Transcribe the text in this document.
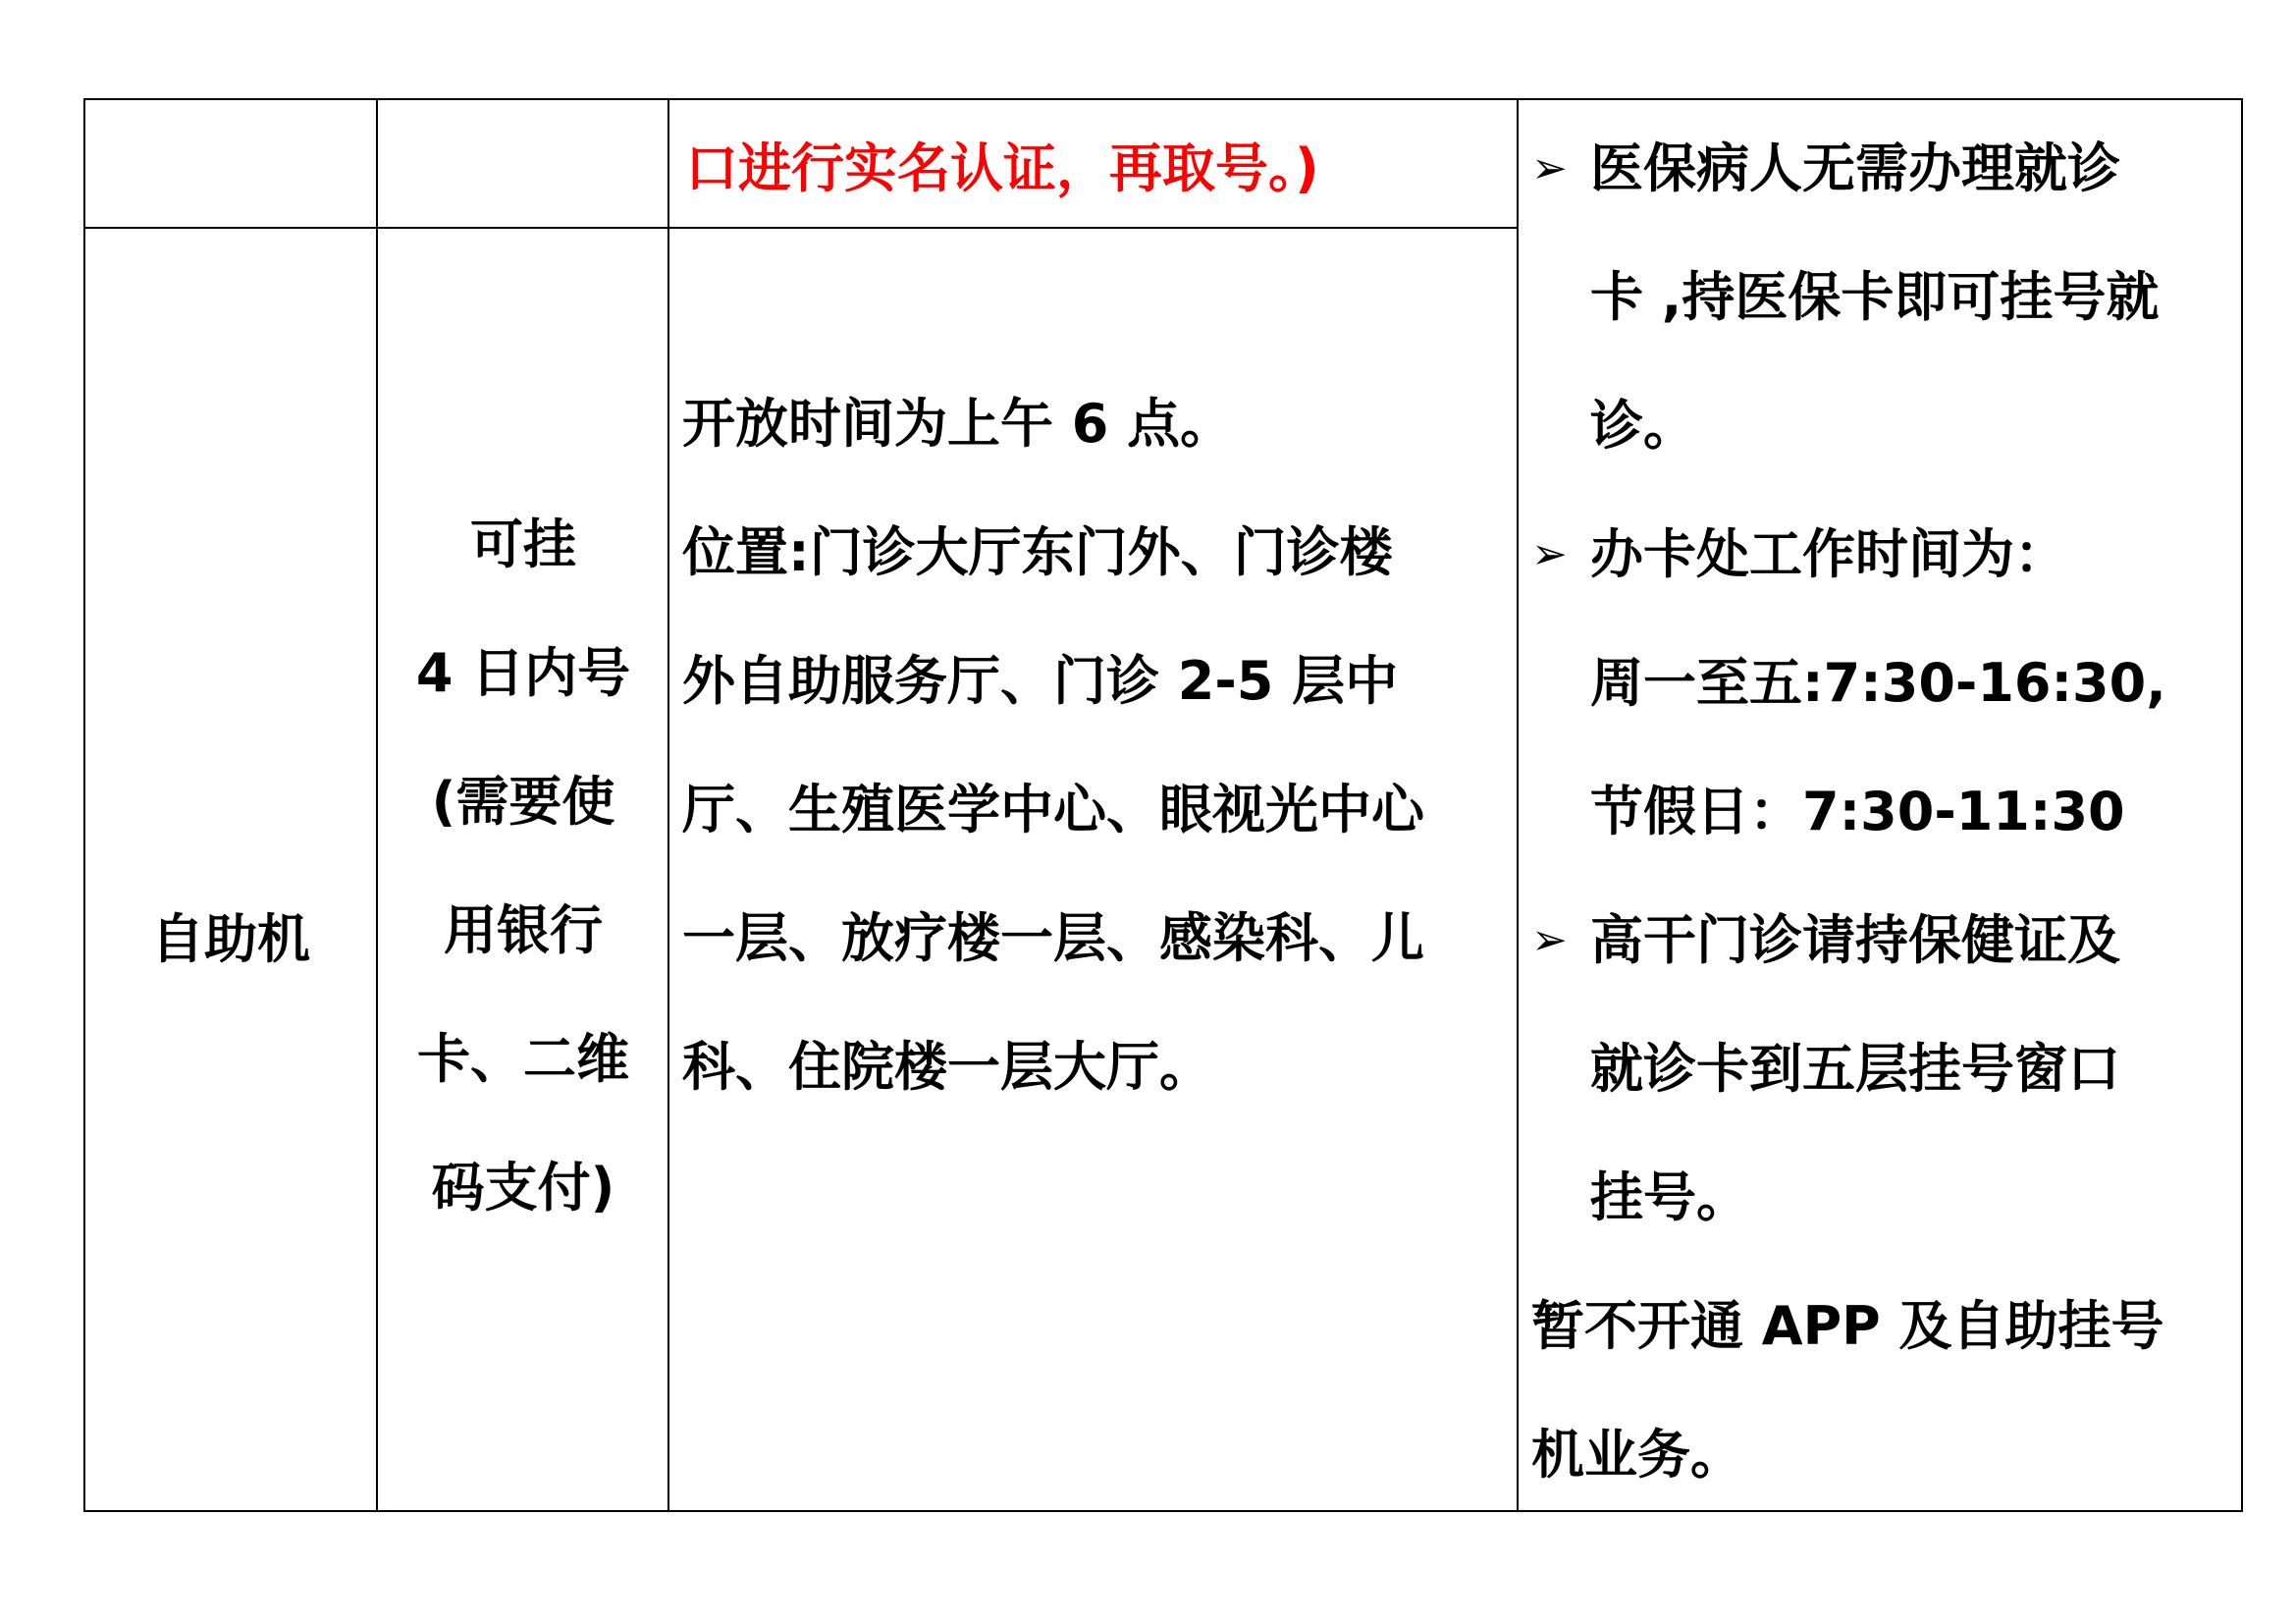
口进行实名认证，再取号。)
自助机
可挂
4 日内号
(需要使
用银行
卡、二维
码支付)
开放时间为上午 6 点。
位置:门诊大厅东门外、门诊楼
外自助服务厅、门诊 2-5 层中
厅、生殖医学中心、眼视光中心
一层、放疗楼一层、感染科、儿
科、住院楼一层大厅。
➢ 医保病人无需办理就诊
卡 ,持医保卡即可挂号就
诊。
➢ 办卡处工作时间为：
周一至五:7:30-16:30,
节假日：7:30-11:30
➢ 高干门诊请持保健证及
就诊卡到五层挂号窗口
挂号。
暂不开通 APP 及自助挂号
机业务。
